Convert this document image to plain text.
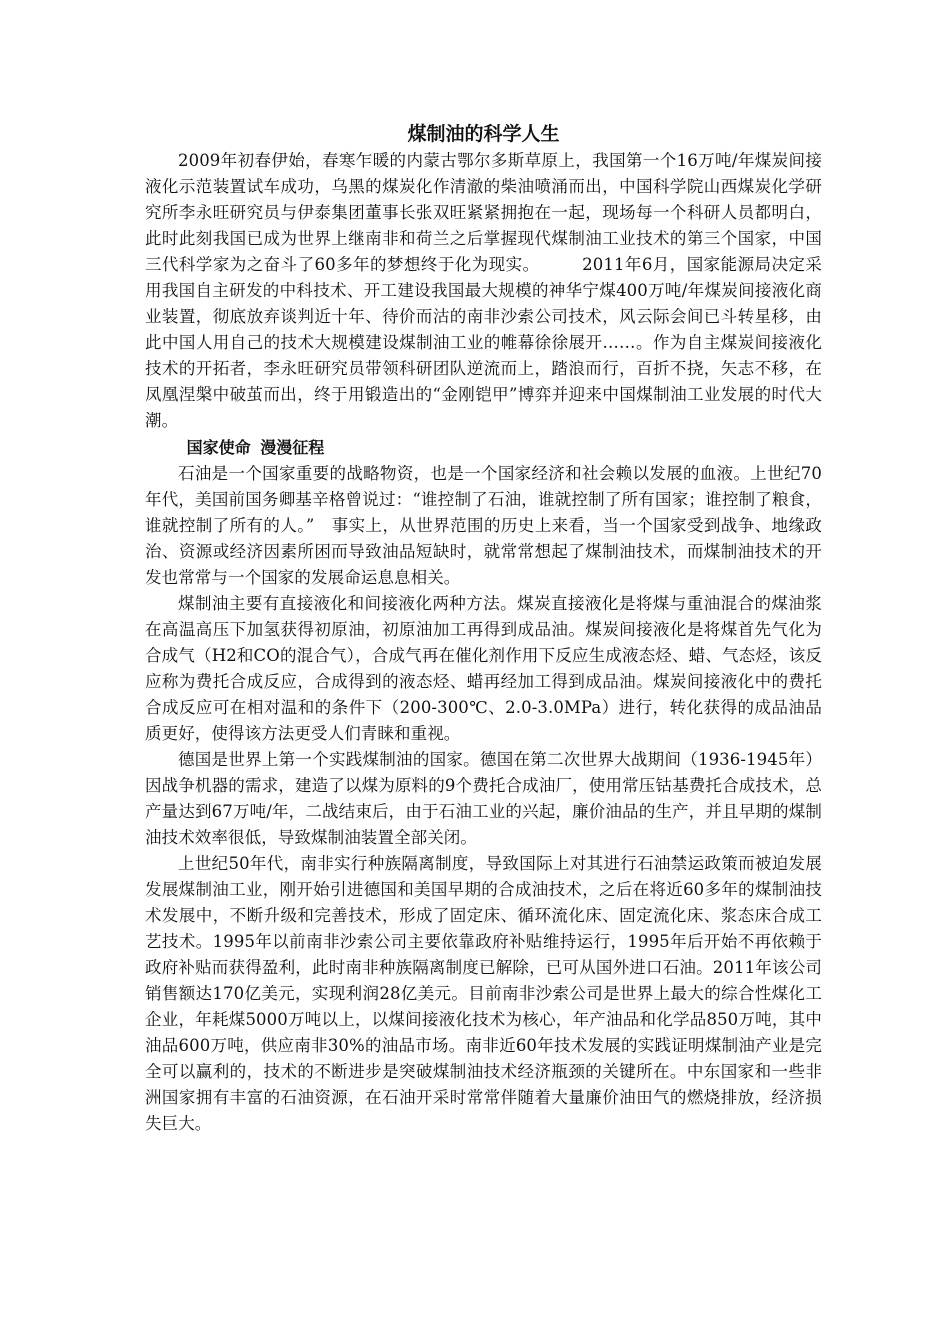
煤制油的科学人生

2009年初春伊始，春寒乍暖的内蒙古鄂尔多斯草原上，我国第一个16万吨/年煤炭间接液化示范装置试车成功，乌黑的煤炭化作清澈的柴油喷涌而出，中国科学院山西煤炭化学研究所李永旺研究员与伊泰集团董事长张双旺紧紧拥抱在一起，现场每一个科研人员都明白，此时此刻我国已成为世界上继南非和荷兰之后掌握现代煤制油工业技术的第三个国家，中国三代科学家为之奋斗了60多年的梦想终于化为现实。　　　2011年6月，国家能源局决定采用我国自主研发的中科技术、开工建设我国最大规模的神华宁煤400万吨/年煤炭间接液化商业装置，彻底放弃谈判近十年、待价而沽的南非沙索公司技术，风云际会间已斗转星移，由此中国人用自己的技术大规模建设煤制油工业的帷幕徐徐展开……。作为自主煤炭间接液化技术的开拓者，李永旺研究员带领科研团队逆流而上，踏浪而行，百折不挠，矢志不移，在凤凰涅槃中破茧而出，终于用锻造出的“金刚铠甲”博弈并迎来中国煤制油工业发展的时代大潮。

国家使命 漫漫征程

石油是一个国家重要的战略物资，也是一个国家经济和社会赖以发展的血液。上世纪70年代，美国前国务卿基辛格曾说过：“谁控制了石油，谁就控制了所有国家；谁控制了粮食，谁就控制了所有的人。”　事实上，从世界范围的历史上来看，当一个国家受到战争、地缘政治、资源或经济因素所困而导致油品短缺时，就常常想起了煤制油技术，而煤制油技术的开发也常常与一个国家的发展命运息息相关。

煤制油主要有直接液化和间接液化两种方法。煤炭直接液化是将煤与重油混合的煤油浆在高温高压下加氢获得初原油，初原油加工再得到成品油。煤炭间接液化是将煤首先气化为合成气（H2和CO的混合气），合成气再在催化剂作用下反应生成液态烃、蜡、气态烃，该反应称为费托合成反应，合成得到的液态烃、蜡再经加工得到成品油。煤炭间接液化中的费托合成反应可在相对温和的条件下（200-300℃、2.0-3.0MPa）进行，转化获得的成品油品质更好，使得该方法更受人们青睐和重视。

德国是世界上第一个实践煤制油的国家。德国在第二次世界大战期间（1936-1945年）因战争机器的需求，建造了以煤为原料的9个费托合成油厂，使用常压钴基费托合成技术，总产量达到67万吨/年，二战结束后，由于石油工业的兴起，廉价油品的生产，并且早期的煤制油技术效率很低，导致煤制油装置全部关闭。

上世纪50年代，南非实行种族隔离制度，导致国际上对其进行石油禁运政策而被迫发展发展煤制油工业，刚开始引进德国和美国早期的合成油技术，之后在将近60多年的煤制油技术发展中，不断升级和完善技术，形成了固定床、循环流化床、固定流化床、浆态床合成工艺技术。1995年以前南非沙索公司主要依靠政府补贴维持运行，1995年后开始不再依赖于政府补贴而获得盈利，此时南非种族隔离制度已解除，已可从国外进口石油。2011年该公司销售额达170亿美元，实现利润28亿美元。目前南非沙索公司是世界上最大的综合性煤化工企业，年耗煤5000万吨以上，以煤间接液化技术为核心，年产油品和化学品850万吨，其中油品600万吨，供应南非30%的油品市场。南非近60年技术发展的实践证明煤制油产业是完全可以赢利的，技术的不断进步是突破煤制油技术经济瓶颈的关键所在。中东国家和一些非洲国家拥有丰富的石油资源，在石油开采时常常伴随着大量廉价油田气的燃烧排放，经济损失巨大。
